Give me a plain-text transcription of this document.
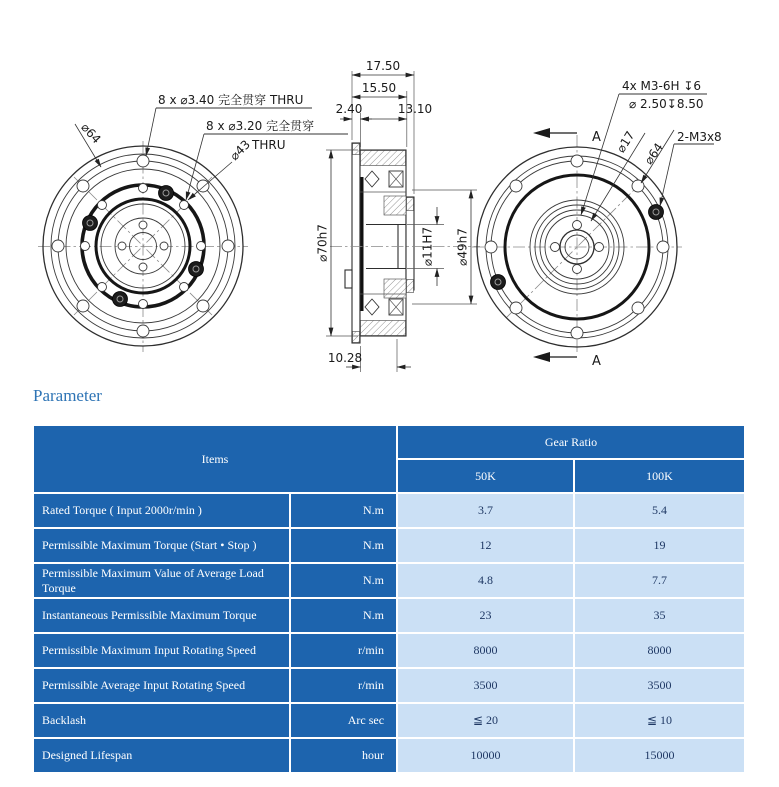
8 x ⌀3.40 完全贯穿 THRU
8 x ⌀3.20 完全贯穿
THRU
⌀64
⌀43
17.50
15.50
2.40	13.10
⌀70h7	⌀11H7 ⌀49h7
10.28
4x M3-6H ↧6
⌀ 2.50↧8.50
⌀17 ⌀64
2-M3x8
A
A
Parameter
Items		Gear Ratio	
		50K	100K
Rated Torque ( Input 2000r/min )	N.m	3.7	5.4
Permissible Maximum Torque (Start • Stop )	N.m	12	19
Permissible Maximum Value of Average Load Torque	N.m	4.8	7.7
Instantaneous Permissible Maximum Torque	N.m	23	35
Permissible Maximum Input Rotating Speed	r/min	8000	8000
Permissible Average Input Rotating Speed	r/min	3500	3500
Backlash	Arc sec	≦ 20	≦ 10
Designed Lifespan	hour	10000	15000
